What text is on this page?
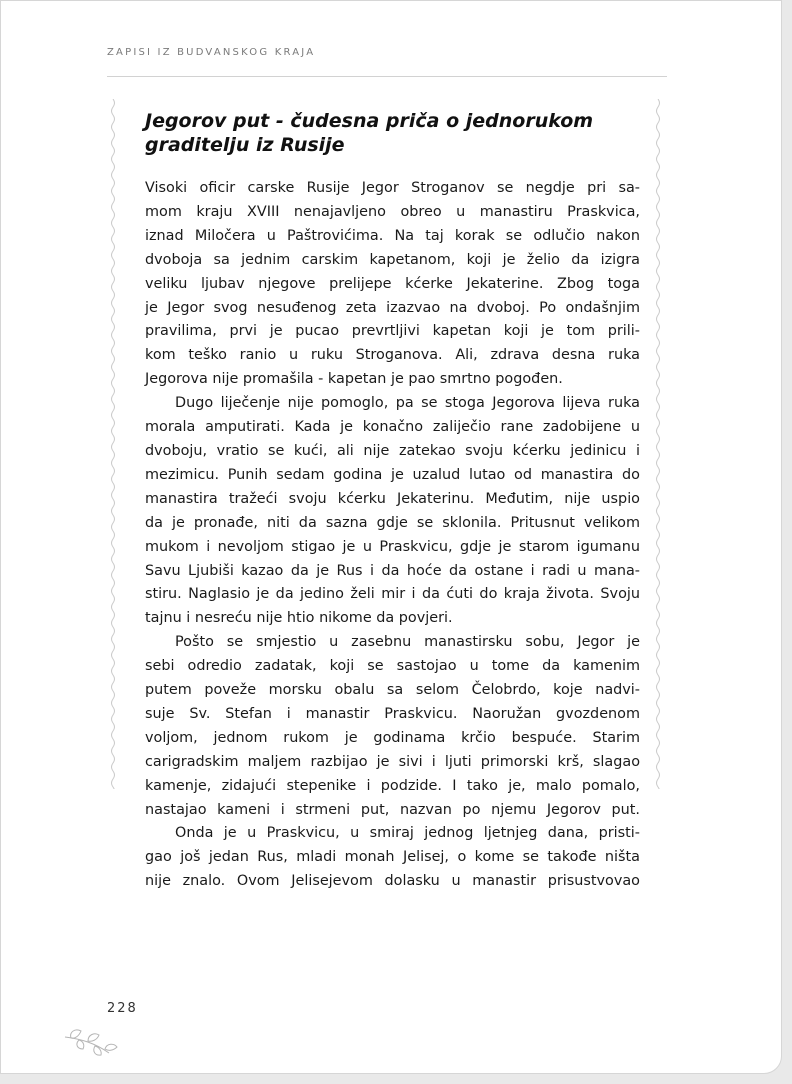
ZAPISI IZ BUDVANSKOG KRAJA
Jegorov put - čudesna priča o jednorukom
graditelju iz Rusije
Visoki oficir carske Rusije Jegor Stroganov se negdje pri sa-
mom kraju XVIII nenajavljeno obreo u manastiru Praskvica,
iznad Miločera u Paštrovićima. Na taj korak se odlučio nakon
dvoboja sa jednim carskim kapetanom, koji je želio da izigra
veliku ljubav njegove prelijepe kćerke Jekaterine. Zbog toga
je Jegor svog nesuđenog zeta izazvao na dvoboj. Po ondašnjim
pravilima, prvi je pucao prevrtljivi kapetan koji je tom prili-
kom teško ranio u ruku Stroganova. Ali, zdrava desna ruka
Jegorova nije promašila - kapetan je pao smrtno pogođen.
Dugo liječenje nije pomoglo, pa se stoga Jegorova lijeva ruka
morala amputirati. Kada je konačno zaliječio rane zadobijene u
dvoboju, vratio se kući, ali nije zatekao svoju kćerku jedinicu i
mezimicu. Punih sedam godina je uzalud lutao od manastira do
manastira tražeći svoju kćerku Jekaterinu. Međutim, nije uspio
da je pronađe, niti da sazna gdje se sklonila. Pritusnut velikom
mukom i nevoljom stigao je u Praskvicu, gdje je starom igumanu
Savu Ljubiši kazao da je Rus i da hoće da ostane i radi u mana-
stiru. Naglasio je da jedino želi mir i da ćuti do kraja života. Svoju
tajnu i nesreću nije htio nikome da povjeri.
Pošto se smjestio u zasebnu manastirsku sobu, Jegor je
sebi odredio zadatak, koji se sastojao u tome da kamenim
putem poveže morsku obalu sa selom Čelobrdo, koje nadvi-
suje Sv. Stefan i manastir Praskvicu. Naoružan gvozdenom
voljom, jednom rukom je godinama krčio bespuće. Starim
carigradskim maljem razbijao je sivi i ljuti primorski krš, slagao
kamenje, zidajući stepenike i podzide. I tako je, malo pomalo,
nastajao kameni i strmeni put, nazvan po njemu Jegorov put.
Onda je u Praskvicu, u smiraj jednog ljetnjeg dana, pristi-
gao još jedan Rus, mladi monah Jelisej, o kome se takođe ništa
nije znalo. Ovom Jelisejevom dolasku u manastir prisustvovao
228
